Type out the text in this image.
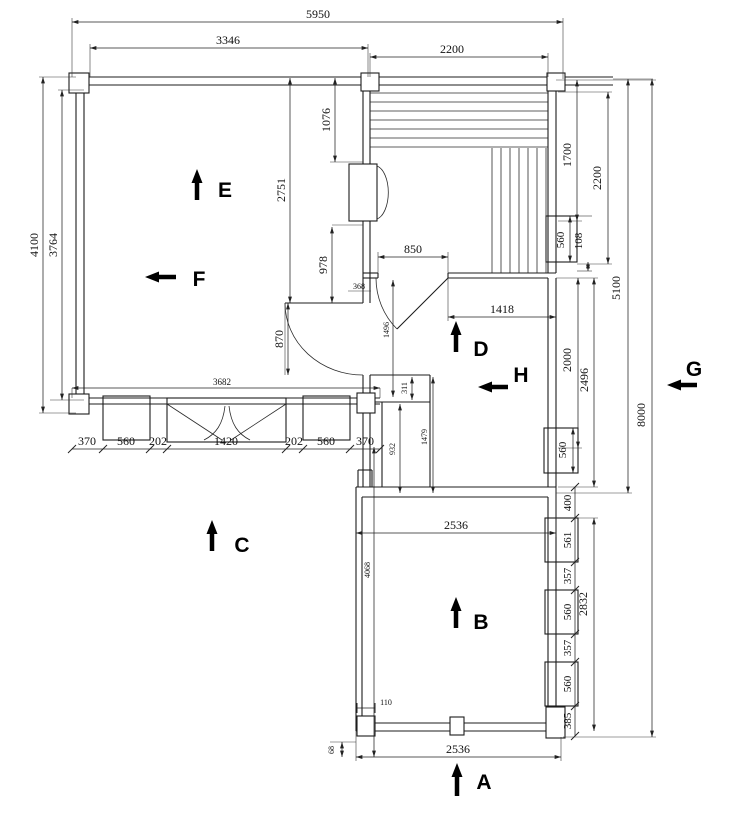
5950
3346
2200
850
1418
3682
2536
2536
370 560 202	1420	202 560 370
4100 3764
1076
2751
978
870
1700
2200
5100
8000
2000
2496
560 108
560
400
561
357
560
357
560
385
2832
1496
311
932
1479
4068
68
368
110
A
B
C
D
E
F
G
H
